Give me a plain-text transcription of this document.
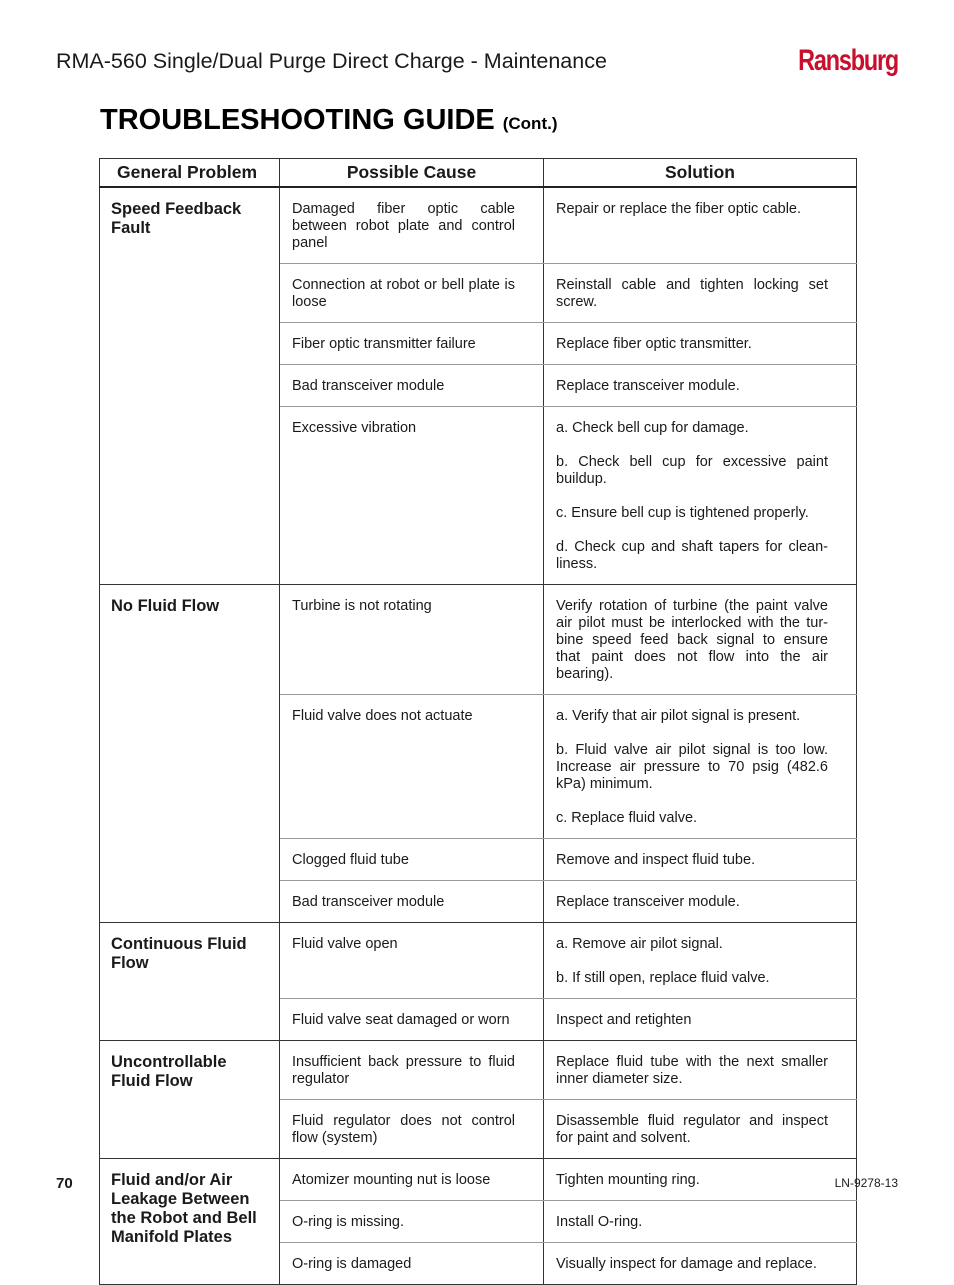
RMA-560 Single/Dual Purge Direct Charge - Maintenance	Ransburg
TROUBLESHOOTING GUIDE (Cont.)
General Problem	Possible Cause	Solution
Speed Feedback Fault	Damaged fiber optic cable between robot plate and control panel	Repair or replace the fiber optic cable.

	Connection at robot or bell plate is loose	Reinstall cable and tighten locking set screw.

	Fiber optic transmitter failure	Replace fiber optic transmitter.

	Bad transceiver module	Replace transceiver module.

	Excessive vibration	a. Check bell cup for damage.
b. Check bell cup for excessive paint buildup.
c. Ensure bell cup is tightened properly.
d. Check cup and shaft tapers for clean-liness.

No Fluid Flow	Turbine is not rotating	Verify rotation of turbine (the paint valve air pilot must be interlocked with the tur-bine speed feed back signal to ensure that paint does not flow into the air bearing).

	Fluid valve does not actuate	a. Verify that air pilot signal is present.
b. Fluid valve air pilot signal is too low. Increase air pressure to 70 psig (482.6 kPa) minimum.
c. Replace fluid valve.

	Clogged fluid tube	Remove and inspect fluid tube.

	Bad transceiver module	Replace transceiver module.

Continuous Fluid Flow	Fluid valve open	a. Remove air pilot signal.
b. If still open, replace fluid valve.

	Fluid valve seat damaged or worn	Inspect and retighten

Uncontrollable Fluid Flow	Insufficient back pressure to fluid regulator	Replace fluid tube with the next smaller inner diameter size.

	Fluid regulator does not control flow (system)	Disassemble fluid regulator and inspect for paint and solvent.

Fluid and/or Air Leakage Between the Robot and Bell Manifold Plates	Atomizer mounting nut is loose	Tighten mounting ring.

	O-ring is missing.	Install O-ring.

	O-ring is damaged	Visually inspect for damage and replace.
70	LN-9278-13
